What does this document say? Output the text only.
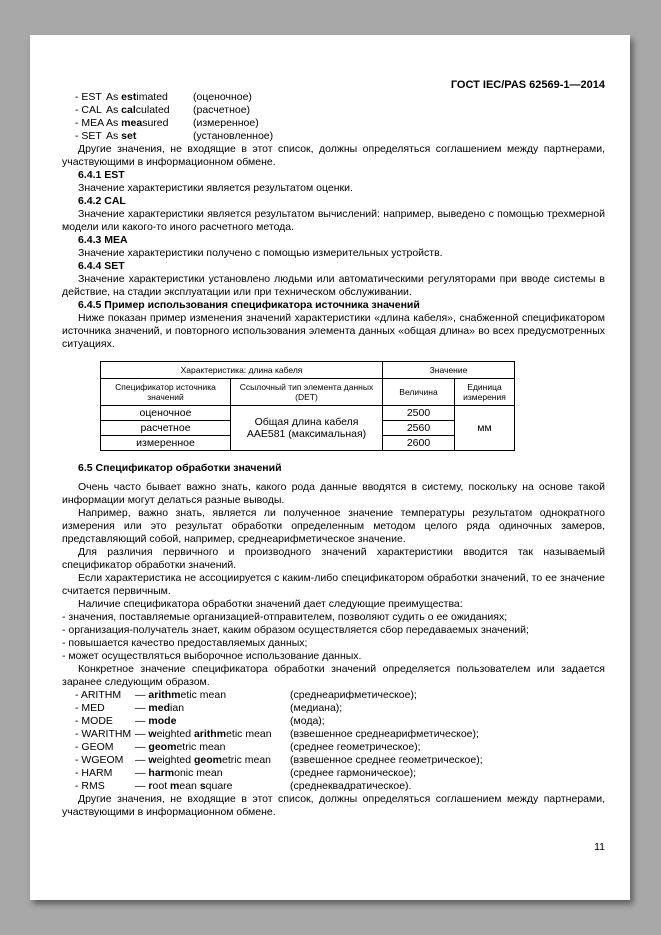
ГОСТ IEC/PAS 62569-1—2014
- EST As estimated	(оценочное)
- CAL As calculated	(расчетное)
- MEA As measured	(измеренное)
- SET As set	(установленное)

Другие значения, не входящие в этот список, должны определяться соглашением между партнерами, участвующими в информационном обмене.

6.4.1 EST

Значение характеристики является результатом оценки.

6.4.2 CAL

Значение характеристики является результатом вычислений: например, выведено с помощью трехмерной модели или какого-то иного расчетного метода.

6.4.3 MEA

Значение характеристики получено с помощью измерительных устройств.

6.4.4 SET

Значение характеристики установлено людьми или автоматическими регуляторами при вводе системы в действие, на стадии эксплуатации или при техническом обслуживании.

6.4.5 Пример использования спецификатора источника значений

Ниже показан пример изменения значений характеристики «длина кабеля», снабженной спецификатором источника значений, и повторного использования элемента данных «общая длина» во всех предусмотренных ситуациях.

Характеристика: длина кабеля		Значение	
Спецификатор источника значений	Ссылочный тип элемента данных (DET)	Величина	Единица измерения
оценочное	Общая длина кабеля ААЕ581 (максимальная)	2500	мм
расчетное		2560	
измеренное		2600	

6.5 Спецификатор обработки значений

Очень часто бывает важно знать, какого рода данные вводятся в систему, поскольку на основе такой информации могут делаться разные выводы.

Например, важно знать, является ли полученное значение температуры результатом однократного измерения или это результат обработки определенным методом целого ряда одиночных замеров, представляющий собой, например, среднеарифметическое значение.

Для различия первичного и производного значений характеристики вводится так называемый спецификатор обработки значений.

Если характеристика не ассоциируется с каким-либо спецификатором обработки значений, то ее значение считается первичным.

Наличие спецификатора обработки значений дает следующие преимущества:

- значения, поставляемые организацией-отправителем, позволяют судить о ее ожиданиях;

- организация-получатель знает, каким образом осуществляется сбор передаваемых значений;

- повышается качество предоставляемых данных;

- может осуществляться выборочное использование данных.

Конкретное значение спецификатора обработки значений определяется пользователем или задается заранее следующим образом.

- ARITHM	— arithmetic mean	(среднеарифметическое);
- MED	— median	(медиана);
- MODE	— mode	(мода);
- WARITHM — weighted arithmetic mean	(взвешенное среднеарифметическое);
- GEOM	— geometric mean	(среднее геометрическое);
- WGEOM	— weighted geometric mean	(взвешенное среднее геометрическое);
- HARM	— harmonic mean	(среднее гармоническое);
- RMS	— root mean square	(среднеквадратическое).

Другие значения, не входящие в этот список, должны определяться соглашением между партнерами, участвующими в информационном обмене.

11
